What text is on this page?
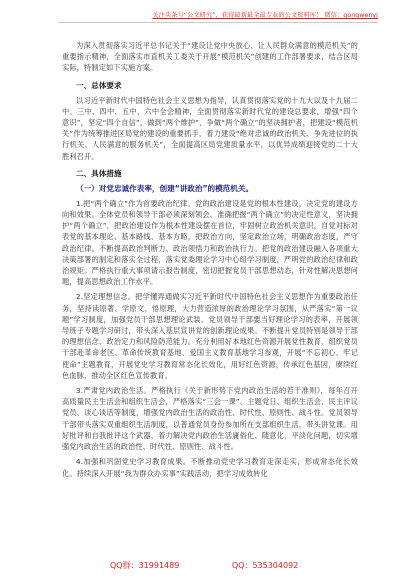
关注头条号“公文研究”，获得最新最全最专业的公文资料库！ 微信：gongwenyj

为深入贯彻落实习近平总书记关于“建设让党中央放心、让人民群众满意的模范机关”的重要指示精神，全面落实市直机关工委关于开展“模范机关”创建的工作部署要求，结合区局实际，特制定如下实施方案。

一、总体要求

以习近平新时代中国特色社会主义思想为指导，认真贯彻落实党的十九大以及十九届二中、三中、四中、五中、六中全会精神，全面贯彻落实新时代党的建设总要求，增强“四个意识”，坚定“四个自信”，做到“两个维护”，争做“两个确立”的坚决拥护者，把建设“模范机关”作为统筹推进区局党的建设的重要抓手，着力建设“绝对忠诚的政治机关、争先进位的执行机关、人民满意的服务机关”，全面提高区局党建质量水平，以优异成绩迎接党的二十大胜利召开。

二、具体措施
（一）对党忠诚作表率，创建“讲政治”的模范机关。

1.把“两个确立”作为首要政治纪律。党的政治建设是党的根本性建设，决定党的建设方向和效果。全体党员和领导干部必须深刻领会、准确把握“两个确立”的决定性意义，坚决拥护“两个确立”，把政治建设作为根本性建设摆在首位，牢固树立政治机关意识，自觉对标对表党的基本理论、基本路线、基本方略，把政治方向，坚定政治立场，明确政治态度，严守政治纪律。不断提高政治判断力、政治领悟力和政治执行力。把党的政治建设融入各项重大决策部署的制定和落实全过程，落实党委理论学习中心组学习制度，严明党的政治纪律和政治规矩。严格执行重大事项请示报告制度，密切把握党员干部思想动态，针对性解决思想问题，提高思想政治工作水平。

2.坚定理想信念。把学懂弄通做实习近平新时代中国特色社会主义思想作为重要政治任务，坚持读原著、学原文、悟原理，大力营造浓厚的政治理论学习氛围，从严落实“第一议题”学习制度，加强党员干部思想理论武装。党员领导干部要当好理论学习的表率，开展领导班子专题学习研讨，带头深入基层宣讲党的创新理论成果。不断提升党员特别是领导干部的理想信念、政治定力和风险防范能力。充分利用好本地红色资源开展党性教育，组织党员干部赴革命老区、革命传统教育基地、爱国主义教育基地学习参观，开展“不忘初心、牢记使命”主题教育，开展党史学习教育常态化长效化，用好红色资源，传承红色基因，赓续红色血脉，推动全区红色宣传教育。

3.严肃党内政治生活。严格执行《关于新形势下党内政治生活的若干准则》，每年召开高质量民主生活会和组织生活会，严格落实“三会一课”、主题党日、组织生活会、民主评议党员、谈心谈话等制度，增强党内政治生活的政治性、时代性、原则性、战斗性。党员领导干部带头落实双重组织生活制度，以普通党员身份参加所在支部组织生活，带头讲党课。用好批评和自我批评这个武器，着力解决党内政治生活庸俗化、随意化、平淡化问题，切实增强党内政治生活的政治性、时代性、原则性、战斗性。

4.加强和巩固党史学习教育成果。不断推动党史学习教育走深走实，形成常态化长效化。持续深入开展“我为群众办实事”实践活动，把学习成效转化

QQ群：31991489	QQ：535304092
